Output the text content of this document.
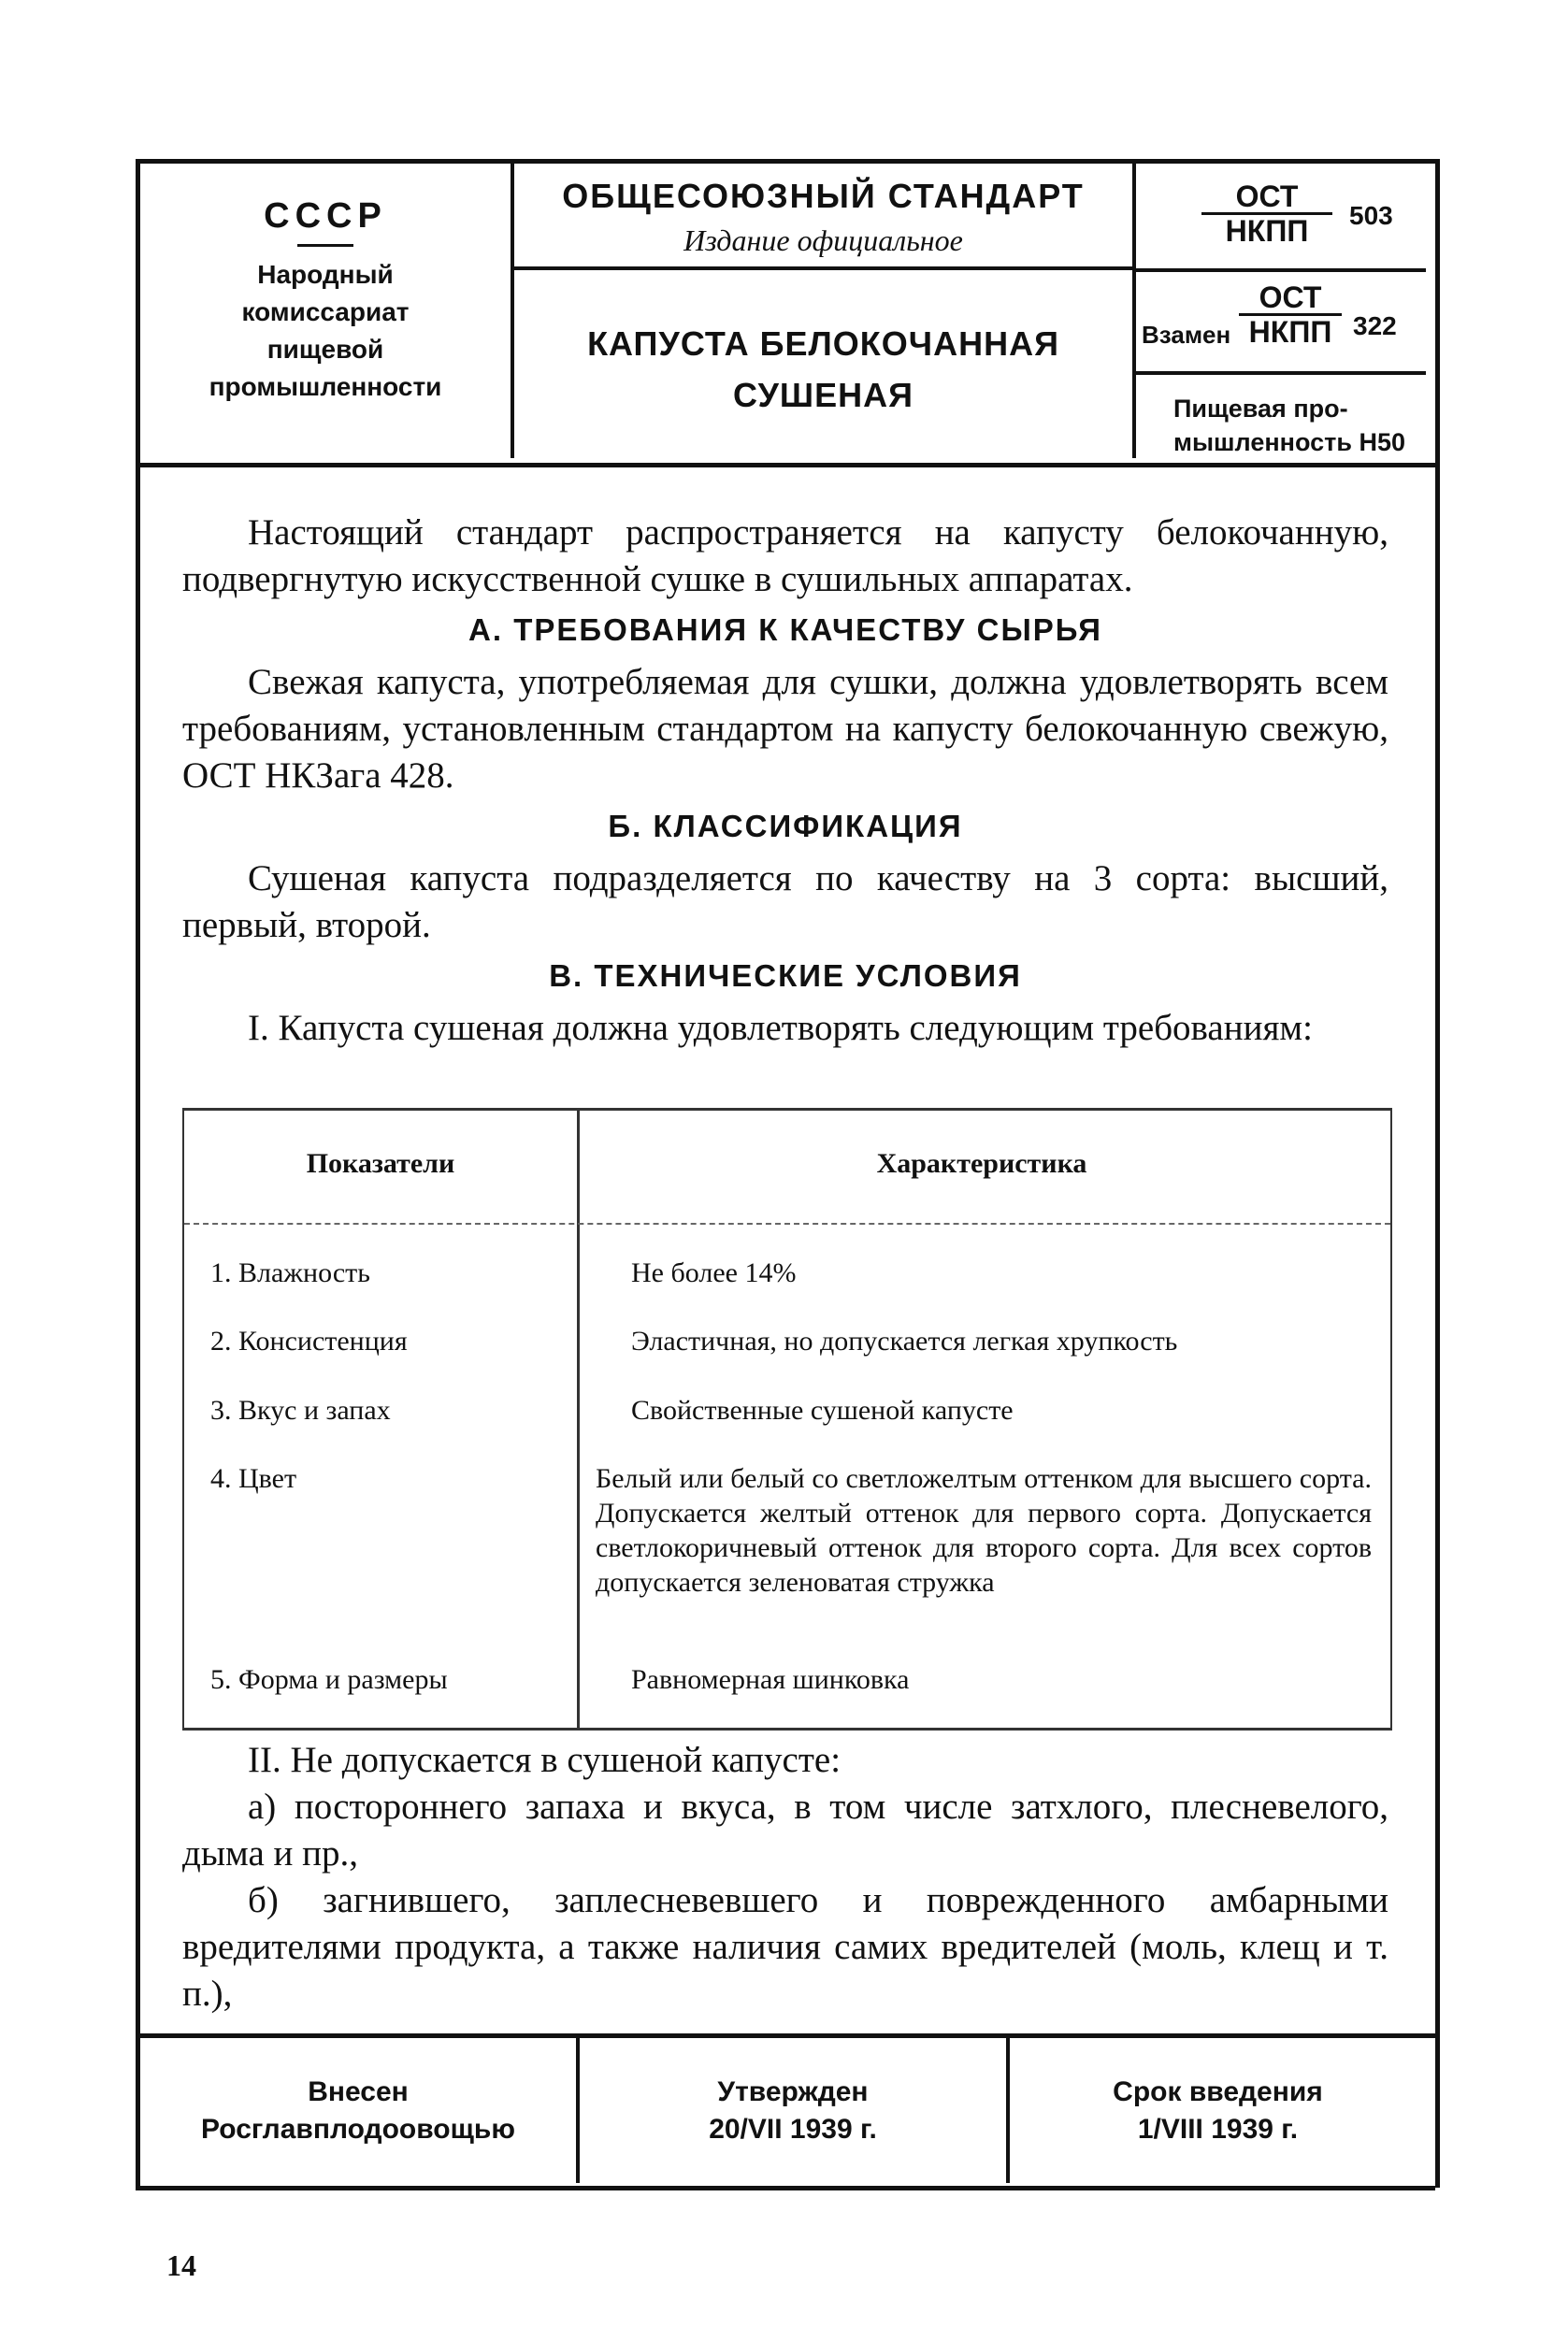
СССР
Народный
комиссариат
пищевой
промышленности
ОБЩЕСОЮЗНЫЙ СТАНДАРТ
Издание официальное
КАПУСТА БЕЛОКОЧАННАЯ
СУШЕНАЯ
ОСТ
НКПП	503
Взамен
ОСТ
НКПП 322
Пищевая про-
мышленность Н50

Настоящий стандарт распространяется на капусту белокочанную, подвергнутую искусственной сушке в сушильных аппаратах.

А. ТРЕБОВАНИЯ К КАЧЕСТВУ СЫРЬЯ

Свежая капуста, употребляемая для сушки, должна удовлетворять всем требованиям, установленным стандартом на капусту белокочанную свежую, ОСТ НКЗага 428.

Б. КЛАССИФИКАЦИЯ

Сушеная капуста подразделяется по качеству на 3 сорта: высший, первый, второй.

В. ТЕХНИЧЕСКИЕ УСЛОВИЯ

I. Капуста сушеная должна удовлетворять следующим требованиям:

Показатели	Характеристика
1. Влажность	Не более 14%
2. Консистенция	Эластичная, но допускается легкая хрупкость
3. Вкус и запах	Свойственные сушеной капусте
4. Цвет	Белый или белый со светложелтым оттенком для высшего сорта. Допускается желтый оттенок для первого сорта. Допускается светлокоричневый оттенок для второго сорта. Для всех сортов допускается зеленоватая стружка
5. Форма и размеры	Равномерная шинковка

II. Не допускается в сушеной капусте:

а) постороннего запаха и вкуса, в том числе затхлого, плесневелого, дыма и пр.,

б) загнившего, заплесневевшего и поврежденного амбарными вредителями продукта, а также наличия самих вредителей (моль, клещ и т. п.),

Внесен
Росглавплодоовощью
Утвержден
20/VII 1939 г.
Срок введения
1/VIII 1939 г.
14
